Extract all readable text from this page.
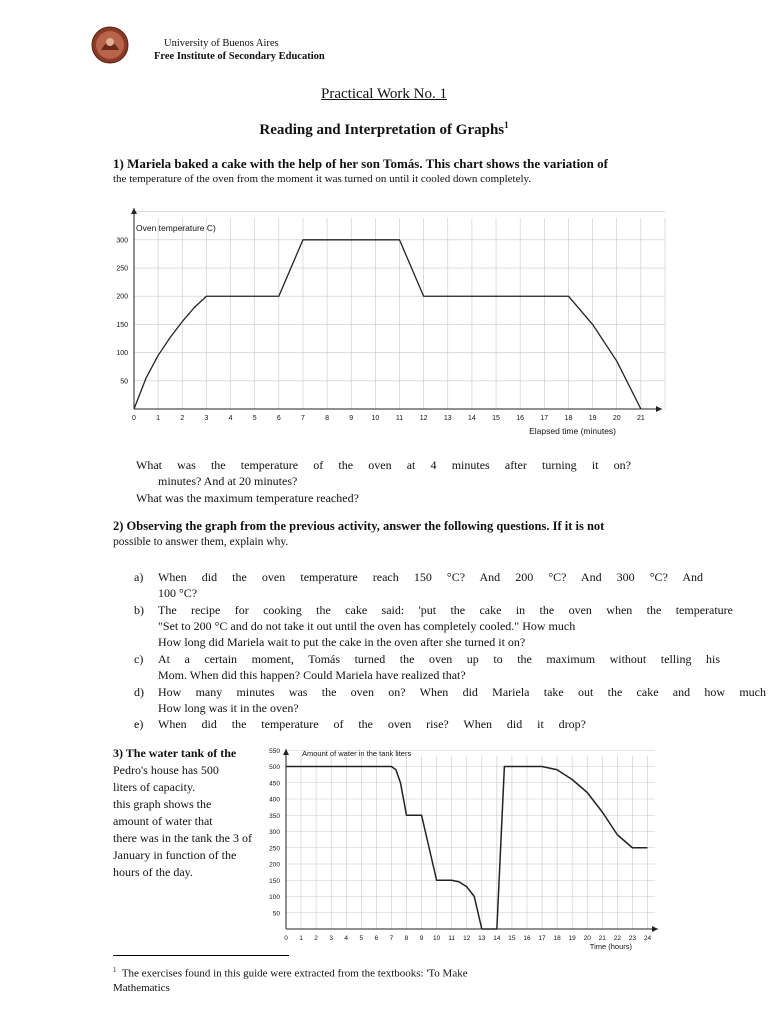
University of Buenos Aires
Free Institute of Secondary Education
Practical Work No. 1
Reading and Interpretation of Graphs$^1$
1) Mariela baked a cake with the help of her son Tomás. This chart shows the variation of
the temperature of the oven from the moment it was turned on until it cooled down completely.
0	1	2	3	4	5	6	7	8	9	10 11 12 13 14 15 16 17 18 19 20 21
50
100
150
200
250
300
Oven temperature C)
Elapsed time (minutes)
What was the temperature of the oven at 4 minutes after turning it on?
minutes? And at 20 minutes?
What was the maximum temperature reached?
2) Observing the graph from the previous activity, answer the following questions. If it is not
possible to answer them, explain why.
a) When did the oven temperature reach 150 °C? And 200 °C? And 300 °C? And
100 °C?
b) The recipe for cooking the cake said: 'put the cake in the oven when the temperature
"Set to 200 °C and do not take it out until the oven has completely cooled." How much
How long did Mariela wait to put the cake in the oven after she turned it on?
c) At a certain moment, Tomás turned the oven up to the maximum without telling his
Mom. When did this happen? Could Mariela have realized that?
d) How many minutes was the oven on? When did Mariela take out the cake and how much
How long was it in the oven?
e) When did the temperature of the oven rise? When did it drop?
3) The water tank of the
Pedro's house has 500
liters of capacity.
this graph shows the
amount of water that
there was in the tank the 3 of
January in function of the
hours of the day.
0 1 2 3 4 5 6 7 8 9 10 11 12 13 14 15 16 17 18 19 20 21 22 23 24
50
100
150
200
250
300
350
400
450
500
550	Amount of water in the tank liters
Time (hours)
$^1$ The exercises found in this guide were extracted from the textbooks: 'To Make
Mathematics
